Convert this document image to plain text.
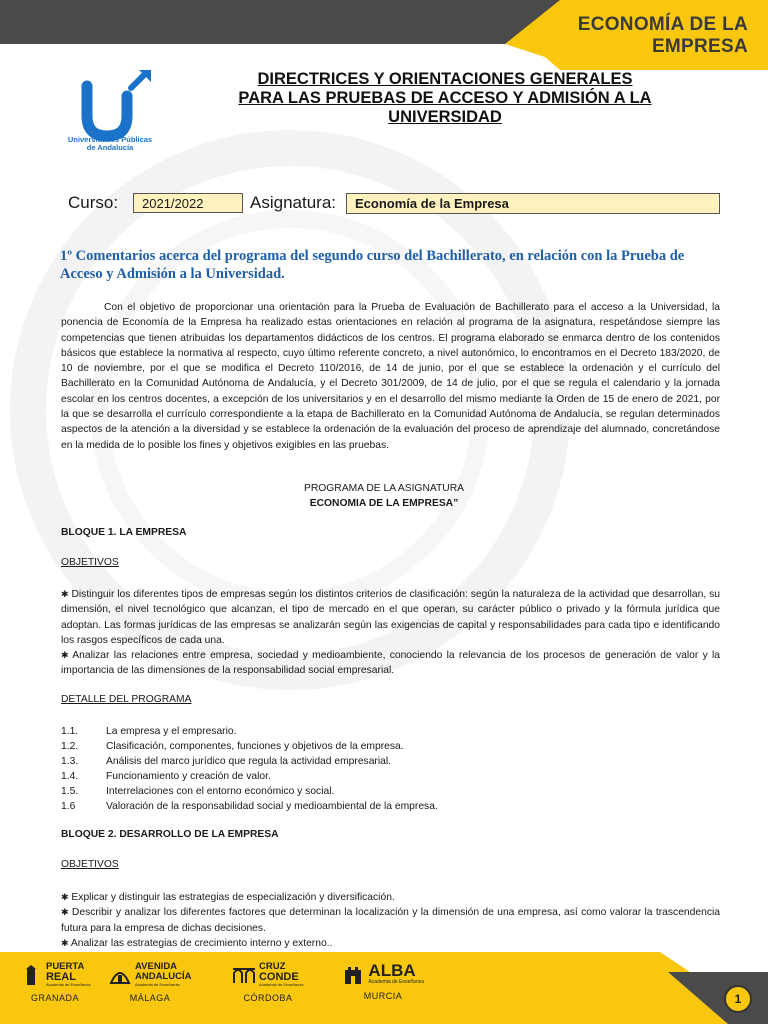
ECONOMÍA DE LA
EMPRESA
Universidades Públicas
de Andalucía
DIRECTRICES Y ORIENTACIONES GENERALES
PARA LAS PRUEBAS DE ACCESO Y ADMISIÓN A LA
UNIVERSIDAD
Curso:	2021/2022	Asignatura:	Economía de la Empresa
1º Comentarios acerca del programa del segundo curso del Bachillerato, en relación con la Prueba de Acceso y Admisión a la Universidad.
Con el objetivo de proporcionar una orientación para la Prueba de Evaluación de Bachillerato para el acceso a la Universidad, la ponencia de Economía de la Empresa ha realizado estas orientaciones en relación al programa de la asignatura, respetándose siempre las competencias que tienen atribuidas los departamentos didácticos de los centros. El programa elaborado se enmarca dentro de los contenidos básicos que establece la normativa al respecto, cuyo último referente concreto, a nivel autonómico, lo encontramos en el Decreto 183/2020, de 10 de noviembre, por el que se modifica el Decreto 110/2016, de 14 de junio, por el que se establece la ordenación y el currículo del Bachillerato en la Comunidad Autónoma de Andalucía, y el Decreto 301/2009, de 14 de julio, por el que se regula el calendario y la jornada escolar en los centros docentes, a excepción de los universitarios y en el desarrollo del mismo mediante la Orden de 15 de enero de 2021, por la que se desarrolla el currículo correspondiente a la etapa de Bachillerato en la Comunidad Autónoma de Andalucía, se regulan determinados aspectos de la atención a la diversidad y se establece la ordenación de la evaluación del proceso de aprendizaje del alumnado, concretándose en la medida de lo posible los fines y objetivos exigibles en las pruebas.
PROGRAMA DE LA ASIGNATURA
ECONOMIA DE LA EMPRESA”
BLOQUE 1. LA EMPRESA
OBJETIVOS

✱ Distinguir los diferentes tipos de empresas según los distintos criterios de clasificación: según la naturaleza de la actividad que desarrollan, su dimensión, el nivel tecnológico que alcanzan, el tipo de mercado en el que operan, su carácter público o privado y la fórmula jurídica que adoptan. Las formas jurídicas de las empresas se analizarán según las exigencias de capital y responsabilidades para cada tipo e identificando los rasgos específicos de cada una.

✱ Analizar las relaciones entre empresa, sociedad y medioambiente, conociendo la relevancia de los procesos de generación de valor y la importancia de las dimensiones de la responsabilidad social empresarial.

DETALLE DEL PROGRAMA
1.1.	La empresa y el empresario.
1.2.	Clasificación, componentes, funciones y objetivos de la empresa.
1.3.	Análisis del marco jurídico que regula la actividad empresarial.
1.4.	Funcionamiento y creación de valor.
1.5.	Interrelaciones con el entorno económico y social.
1.6	Valoración de la responsabilidad social y medioambiental de la empresa.
BLOQUE 2. DESARROLLO DE LA EMPRESA
OBJETIVOS

✱ Explicar y distinguir las estrategias de especialización y diversificación.

✱ Describir y analizar los diferentes factores que determinan la localización y la dimensión de una empresa, así como valorar la trascendencia futura para la empresa de dichas decisiones.

✱ Analizar las estrategias de crecimiento interno y externo..

PUERTA
REAL
Academia de Enseñanza
GRANADA

AVENIDA
ANDALUCÍA
Academia de Enseñanza
MÁLAGA

CRUZ
CONDE
Academia de Enseñanza
CÓRDOBA

ALBA
Academia de Enseñanza
MURCIA	1
